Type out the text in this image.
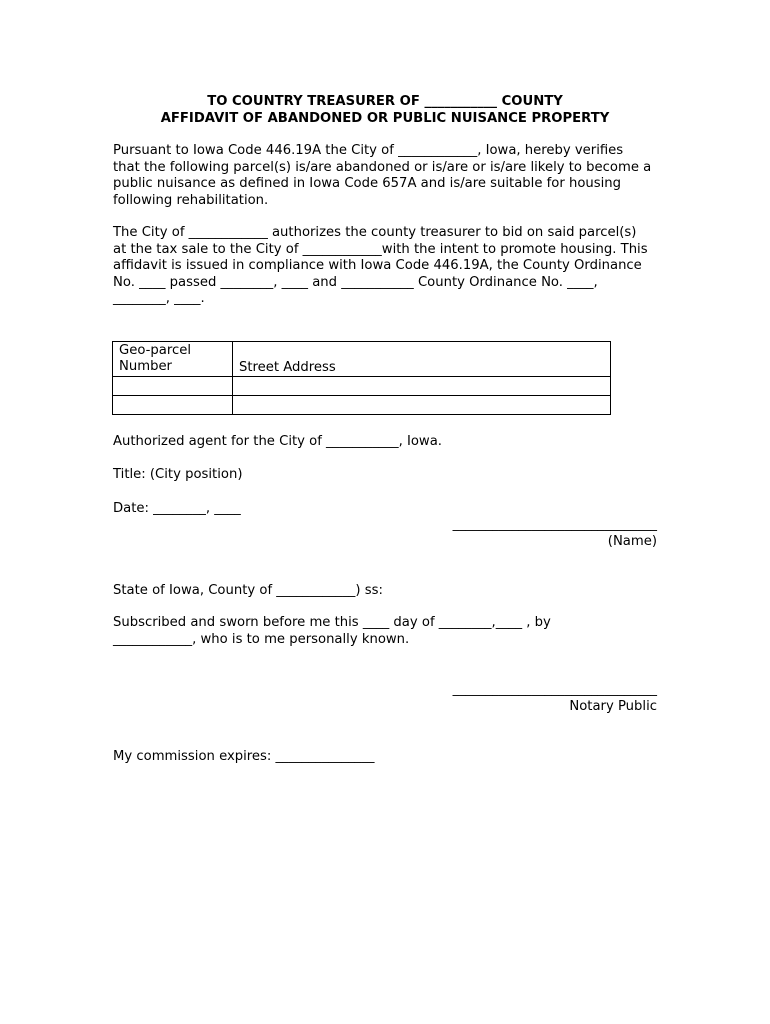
TO COUNTRY TREASURER OF ___________ COUNTY
AFFIDAVIT OF ABANDONED OR PUBLIC NUISANCE PROPERTY

Pursuant to Iowa Code 446.19A the City of ____________, Iowa, hereby verifies that the following parcel(s) is/are abandoned or is/are or is/are likely to become a public nuisance as defined in Iowa Code 657A and is/are suitable for housing following rehabilitation.

The City of ____________ authorizes the county treasurer to bid on said parcel(s) at the tax sale to the City of ____________with the intent to promote housing. This affidavit is issued in compliance with Iowa Code 446.19A, the County Ordinance No. ____ passed ________, ____ and ___________ County Ordinance No. ____, ________, ____.

Geo-parcel Number	Street Address

Authorized agent for the City of ___________, Iowa.
Title: (City position)
Date: ________, ____
_______________________________
(Name)
State of Iowa, County of ____________) ss:
Subscribed and sworn before me this ____ day of ________,____ , by ____________, who is to me personally known.
_______________________________
Notary Public
My commission expires: _______________
